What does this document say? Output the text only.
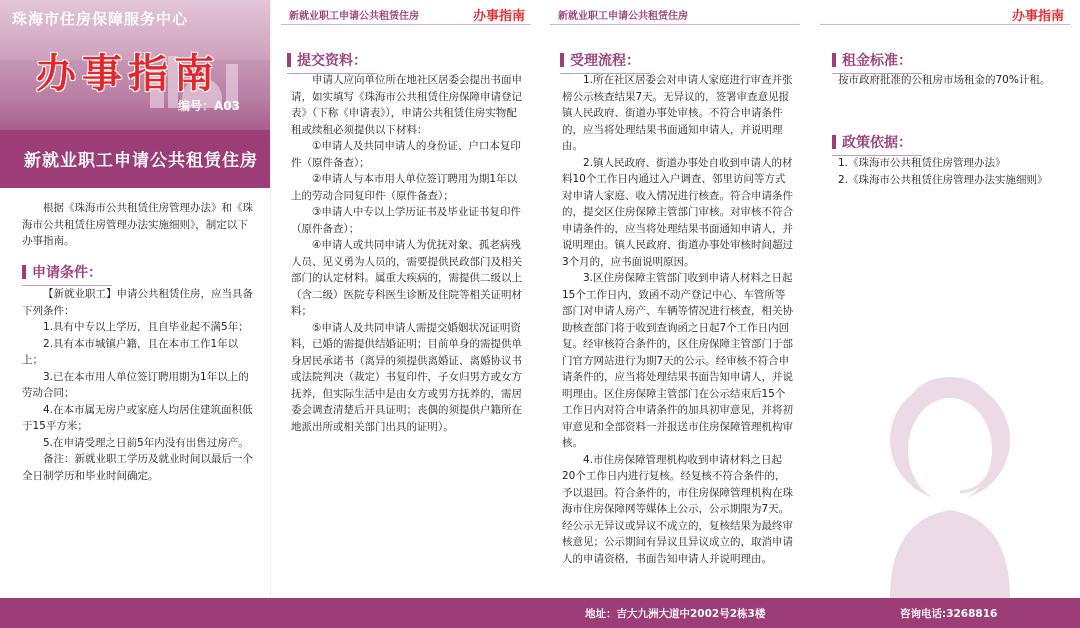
珠海市住房保障服务中心
办事指南
编号：A03
新就业职工申请公共租赁住房
根据《珠海市公共租赁住房管理办法》和《珠海市公共租赁住房管理办法实施细则》，制定以下办事指南。
申请条件：

【新就业职工】申请公共租赁住房，应当具备下列条件：

1.具有中专以上学历，且自毕业起不满5年；

2.具有本市城镇户籍，且在本市工作1年以上；

3.已在本市用人单位签订聘用期为1年以上的劳动合同；

4.在本市属无房户或家庭人均居住建筑面积低于15平方米；

5.在申请受理之日前5年内没有出售过房产。

备注：新就业职工学历及就业时间以最后一个全日制学历和毕业时间确定。

新就业职工申请公共租赁住房	办事指南
提交资料：

申请人应向单位所在地社区居委会提出书面申请，如实填写《珠海市公共租赁住房保障申请登记表》（下称《申请表》），申请公共租赁住房实物配租或续租必须提供以下材料：

①申请人及共同申请人的身份证、户口本复印件（原件备查）；

②申请人与本市用人单位签订聘用为期1年以上的劳动合同复印件（原件备查）；

③申请人中专以上学历证书及毕业证书复印件（原件备查）；

④申请人或共同申请人为优抚对象、孤老病残人员、见义勇为人员的，需要提供民政部门及相关部门的认定材料。属重大疾病的，需提供二级以上（含二级）医院专科医生诊断及住院等相关证明材料；

⑤申请人及共同申请人需提交婚姻状况证明资料，已婚的需提供结婚证明；目前单身的需提供单身居民承诺书（离异的须提供离婚证、离婚协议书或法院判决（裁定）书复印件，子女归男方或女方抚养，但实际生活中是由女方或男方抚养的，需居委会调查清楚后开具证明；丧偶的须提供户籍所在地派出所或相关部门出具的证明）。

新就业职工申请公共租赁住房
受理流程：

1.所在社区居委会对申请人家庭进行审查并张榜公示核查结果7天。无异议的，签署审查意见报镇人民政府、街道办事处审核。不符合申请条件的，应当将处理结果书面通知申请人，并说明理由。

2.镇人民政府、街道办事处自收到申请人的材料10个工作日内通过入户调查、邻里访问等方式对申请人家庭、收入情况进行核查。符合申请条件的，提交区住房保障主管部门审核。对审核不符合申请条件的，应当将处理结果书面通知申请人，并说明理由。镇人民政府、街道办事处审核时间超过3个月的，应书面说明原因。

3.区住房保障主管部门收到申请人材料之日起15个工作日内，致函不动产登记中心、车管所等部门对申请人房产、车辆等情况进行核查，相关协助核查部门将于收到查询函之日起7个工作日内回复。经审核符合条件的，区住房保障主管部门于部门官方网站进行为期7天的公示。经审核不符合申请条件的，应当将处理结果书面告知申请人，并说明理由。区住房保障主管部门在公示结束后15个工作日内对符合申请条件的加具初审意见，并将初审意见和全部资料一并报送市住房保障管理机构审核。

4.市住房保障管理机构收到申请材料之日起20个工作日内进行复核。经复核不符合条件的，予以退回。符合条件的，市住房保障管理机构在珠海市住房保障网等媒体上公示，公示期限为7天。经公示无异议或异议不成立的，复核结果为最终审核意见；公示期间有异议且异议成立的，取消申请人的申请资格，书面告知申请人并说明理由。

办事指南
租金标准：
按市政府批准的公租房市场租金的70%计租。
政策依据：

1.《珠海市公共租赁住房管理办法》

2.《珠海市公共租赁住房管理办法实施细则》

地址：吉大九洲大道中2002号2栋3楼	咨询电话:3268816
